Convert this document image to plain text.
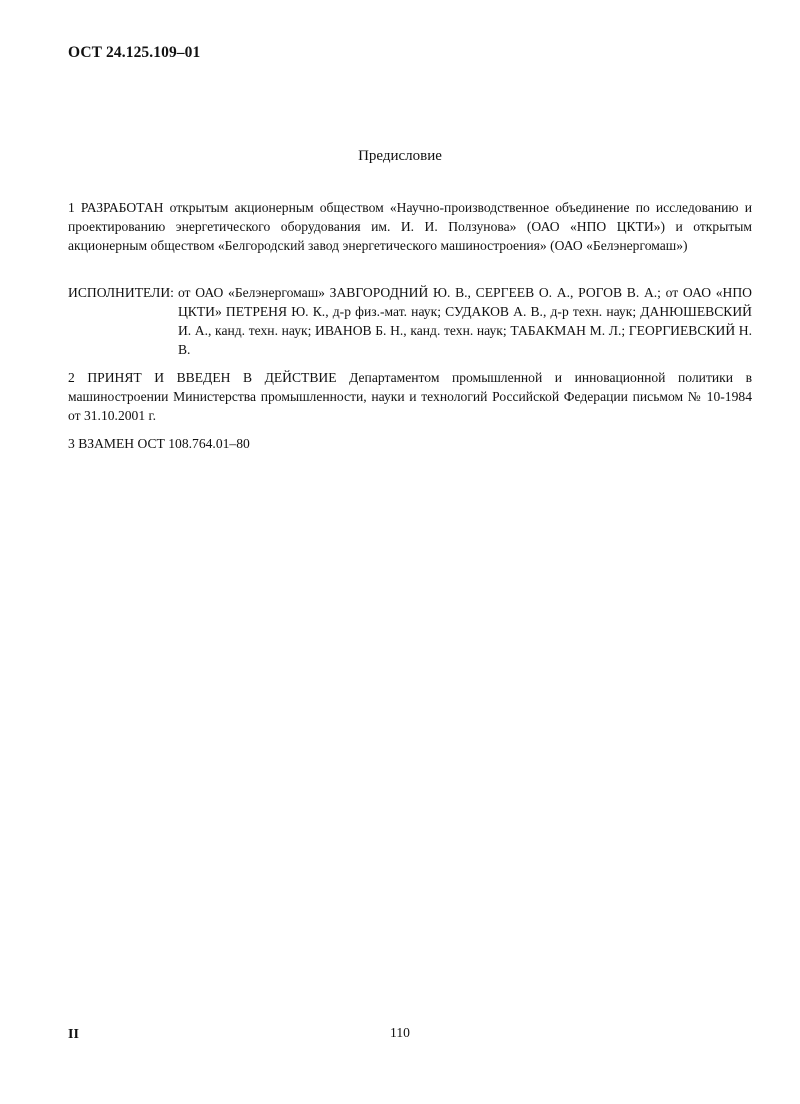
ОСТ 24.125.109–01
Предисловие
1 РАЗРАБОТАН открытым акционерным обществом «Научно-производственное объединение по исследованию и проектированию энергетического оборудования им. И. И. Ползунова» (ОАО «НПО ЦКТИ») и открытым акционерным обществом «Белгородский завод энергетического машиностроения» (ОАО «Белэнергомаш»)
ИСПОЛНИТЕЛИ: от ОАО «Белэнергомаш» ЗАВГОРОДНИЙ Ю. В., СЕРГЕЕВ О. А., РОГОВ В. А.; от ОАО «НПО ЦКТИ» ПЕТРЕНЯ Ю. К., д-р физ.-мат. наук; СУДАКОВ А. В., д-р техн. наук; ДАНЮШЕВСКИЙ И. А., канд. техн. наук; ИВАНОВ Б. Н., канд. техн. наук; ТАБАКМАН М. Л.; ГЕОРГИЕВСКИЙ Н. В.
2 ПРИНЯТ И ВВЕДЕН В ДЕЙСТВИЕ Департаментом промышленной и инновационной политики в машиностроении Министерства промышленности, науки и технологий Российской Федерации письмом № 10-1984 от 31.10.2001 г.
3 ВЗАМЕН ОСТ 108.764.01–80
II	110
